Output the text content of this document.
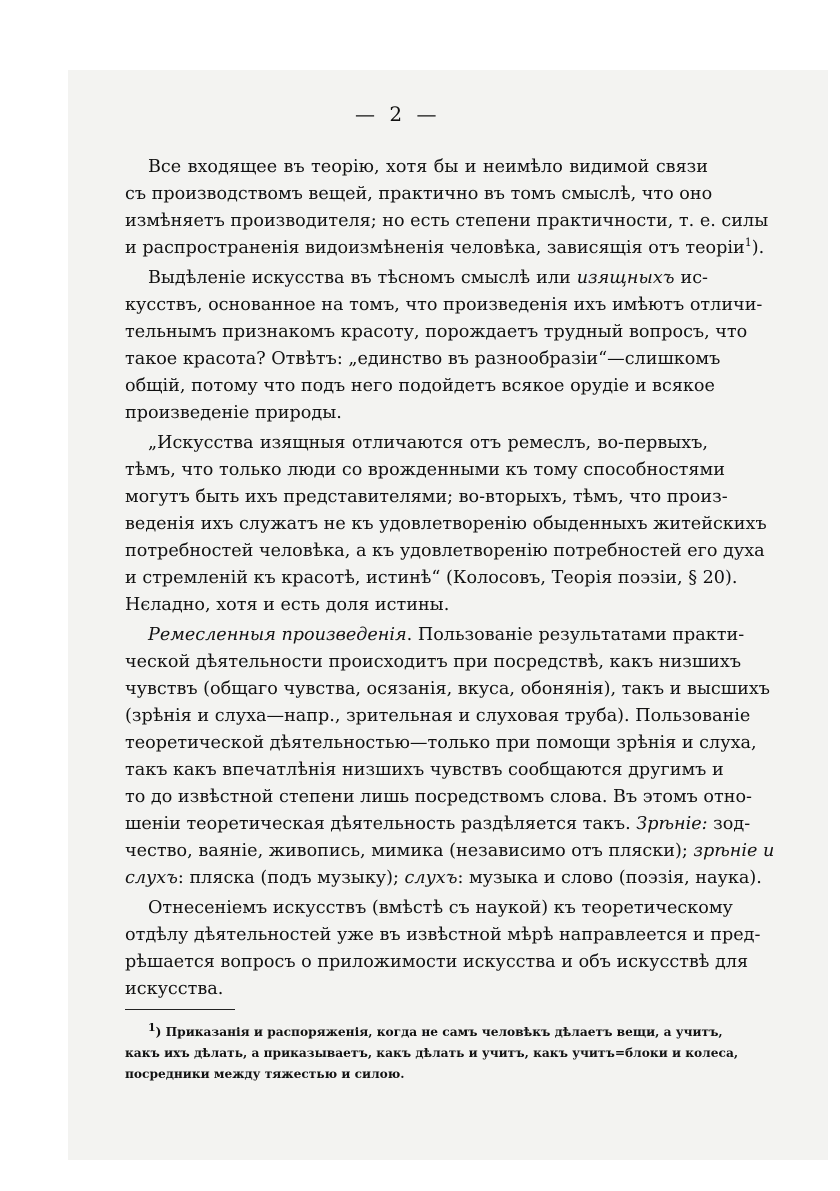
— 2 —
Все входящее въ теорію, хотя бы и неимѣло видимой связи
съ производствомъ вещей, практично въ томъ смыслѣ, что оно
измѣняетъ производителя; но есть степени практичности, т. е. силы
и распространенія видоизмѣненія человѣка, зависящія отъ теоріи$^1$).
Выдѣленіе искусства въ тѣсномъ смыслѣ или изящныхъ ис-
кусствъ, основанное на томъ, что произведенія ихъ имѣютъ отличи-
тельнымъ признакомъ красоту, порождаетъ трудный вопросъ, что
такое красота? Отвѣтъ: „единство въ разнообразіи“—слишкомъ
общій, потому что подъ него подойдетъ всякое орудіе и всякое
произведеніе природы.
„Искусства изящныя отличаются отъ ремеслъ, во-первыхъ,
тѣмъ, что только люди со врожденными къ тому способностями
могутъ быть ихъ представителями; во-вторыхъ, тѣмъ, что произ-
веденія ихъ служатъ не къ удовлетворенію обыденныхъ житейскихъ
потребностей человѣка, а къ удовлетворенію потребностей его духа
и стремленій къ красотѣ, истинѣ“ (Колосовъ, Теорія поэзіи, § 20).
Нєладно, хотя и есть доля истины.
Ремесленныя произведенія. Пользованіе результатами практи-
ческой дѣятельности происходитъ при посредствѣ, какъ низшихъ
чувствъ (общаго чувства, осязанія, вкуса, обонянія), такъ и высшихъ
(зрѣнія и слуха—напр., зрительная и слуховая труба). Пользованіе
теоретической дѣятельностью—только при помощи зрѣнія и слуха,
такъ какъ впечатлѣнія низшихъ чувствъ сообщаются другимъ и
то до извѣстной степени лишь посредствомъ слова. Въ этомъ отно-
шеніи теоретическая дѣятельность раздѣляется такъ. Зрѣніе: зод-
чество, ваяніе, живопись, мимика (независимо отъ пляски); зрѣніе и
слухъ: пляска (подъ музыку); слухъ: музыка и слово (поэзія, наука).
Отнесеніемъ искусствъ (вмѣстѣ съ наукой) къ теоретическому
отдѣлу дѣятельностей уже въ извѣстной мѣрѣ направлеется и пред-
рѣшается вопросъ о приложимости искусства и объ искусствѣ для
искусства.
$^1$) Приказанія и распоряженія, когда не самъ человѣкъ дѣлаетъ вещи, а учитъ,
какъ ихъ дѣлать, а приказываетъ, какъ дѣлать и учитъ, какъ учитъ=блоки и колеса,
посредники между тяжестью и силою.
